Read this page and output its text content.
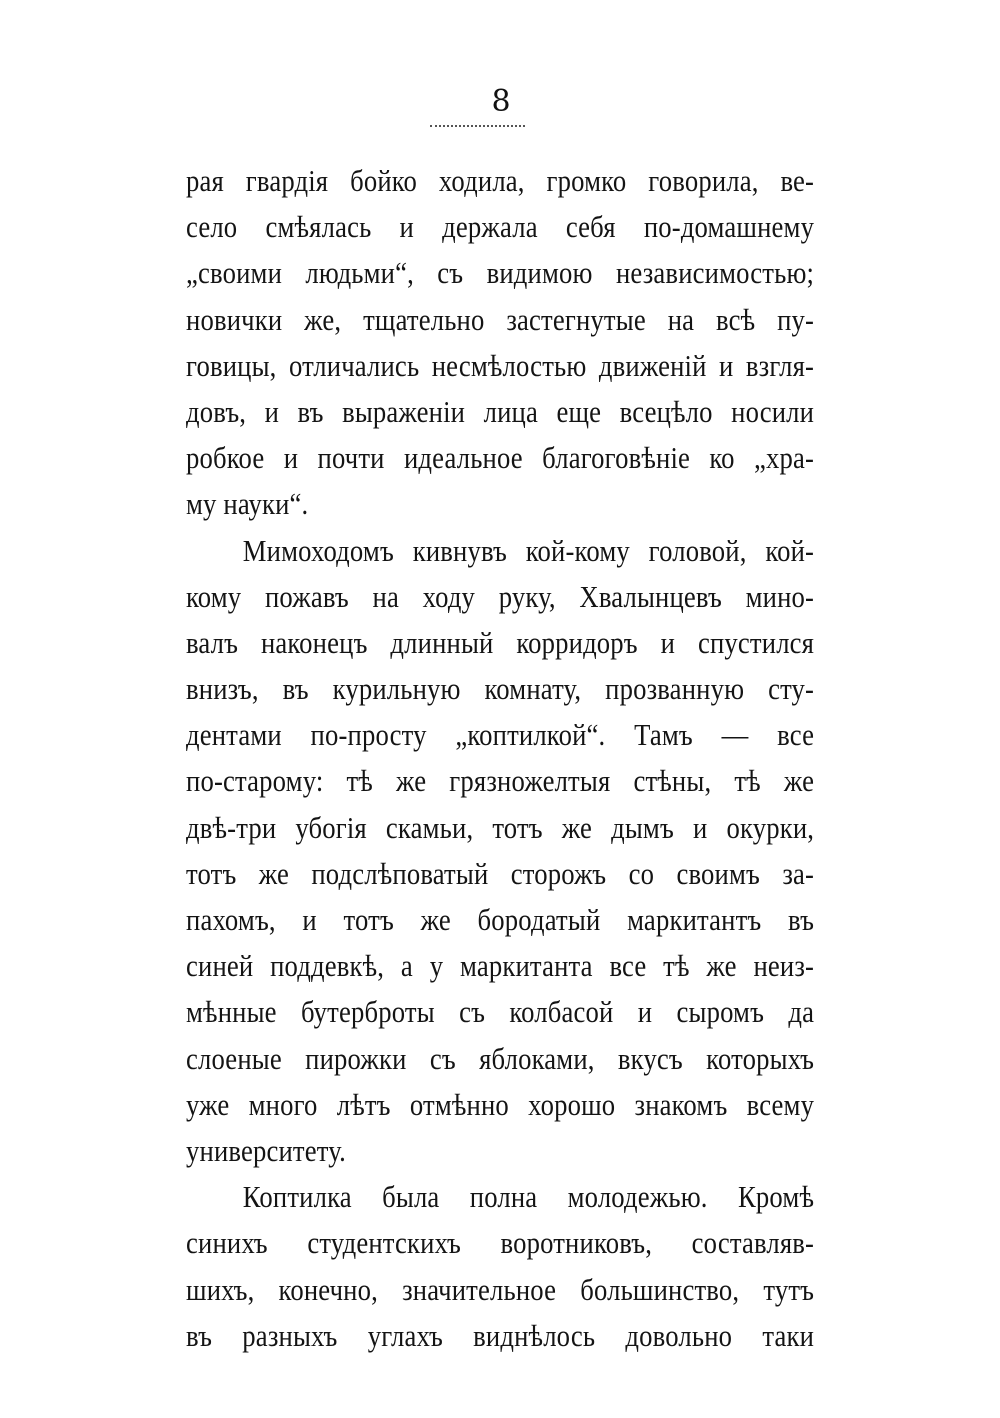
8
рая гвардія бойко ходила, громко говорила, ве-
село смѣялась и держала себя по-домашнему
„своими людьми“, съ видимою независимостью;
новички же, тщательно застегнутые на всѣ пу-
говицы, отличались несмѣлостью движеній и взгля-
довъ, и въ выраженіи лица еще всецѣло носили
робкое и почти идеальное благоговѣніе ко „хра-
му науки“.
Мимоходомъ кивнувъ кой-кому головой, кой-
кому пожавъ на ходу руку, Хвалынцевъ мино-
валъ наконецъ длинный корридоръ и спустился
внизъ, въ курильную комнату, прозванную сту-
дентами по-просту „коптилкой“. Тамъ — все
по-старому: тѣ же грязножелтыя стѣны, тѣ же
двѣ-три убогія скамьи, тотъ же дымъ и окурки,
тотъ же подслѣповатый сторожъ со своимъ за-
пахомъ, и тотъ же бородатый маркитантъ въ
синей поддевкѣ, а у маркитанта все тѣ же неиз-
мѣнные бутерброты съ колбасой и сыромъ да
слоеные пирожки съ яблоками, вкусъ которыхъ
уже много лѣтъ отмѣнно хорошо знакомъ всему
университету.
Коптилка была полна молодежью. Кромѣ
синихъ студентскихъ воротниковъ, составляв-
шихъ, конечно, значительное большинство, тутъ
въ разныхъ углахъ виднѣлось довольно таки
